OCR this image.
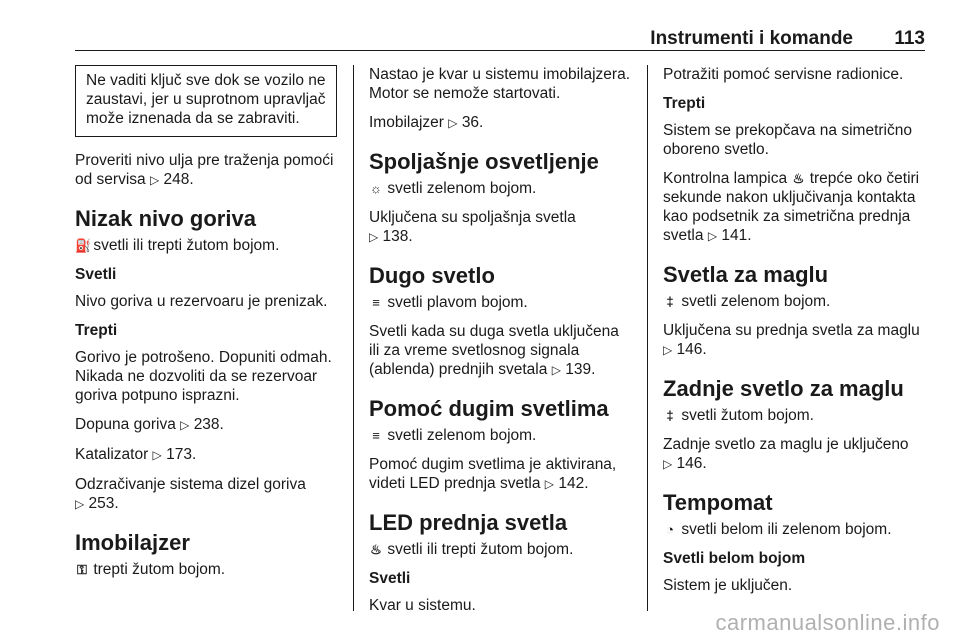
Instrumenti i komande 113
Ne vaditi ključ sve dok se vozilo ne zaustavi, jer u suprotnom upravljač može iznenada da se zabraviti.
Proveriti nivo ulja pre traženja pomoći od servisa ▷ 248.
Nizak nivo goriva
⛽ svetli ili trepti žutom bojom.
Svetli
Nivo goriva u rezervoaru je prenizak.
Trepti
Gorivo je potrošeno. Dopuniti odmah. Nikada ne dozvoliti da se rezervoar goriva potpuno isprazni.
Dopuna goriva ▷ 238.
Katalizator ▷ 173.
Odzračivanje sistema dizel goriva
▷ 253.
Imobilajzer
⚿ trepti žutom bojom.
Nastao je kvar u sistemu imobilajzera. Motor se nemože startovati.
Imobilajzer ▷ 36.
Spoljašnje osvetljenje
☼ svetli zelenom bojom.
Uključena su spoljašnja svetla
▷ 138.
Dugo svetlo
≡ svetli plavom bojom.
Svetli kada su duga svetla uključena ili za vreme svetlosnog signala (ablenda) prednjih svetala ▷ 139.
Pomoć dugim svetlima
≡ svetli zelenom bojom.
Pomoć dugim svetlima je aktivirana, videti LED prednja svetla ▷ 142.
LED prednja svetla
♨ svetli ili trepti žutom bojom.
Svetli
Kvar u sistemu.
Potražiti pomoć servisne radionice.
Trepti
Sistem se prekopčava na simetrično oboreno svetlo.
Kontrolna lampica ♨ trepće oko četiri sekunde nakon uključivanja kontakta kao podsetnik za simetrična prednja svetla ▷ 141.
Svetla za maglu
‡ svetli zelenom bojom.
Uključena su prednja svetla za maglu
▷ 146.
Zadnje svetlo za maglu
‡ svetli žutom bojom.
Zadnje svetlo za maglu je uključeno
▷ 146.
Tempomat
◔ svetli belom ili zelenom bojom.
Svetli belom bojom
Sistem je uključen.
carmanualsonline.info
